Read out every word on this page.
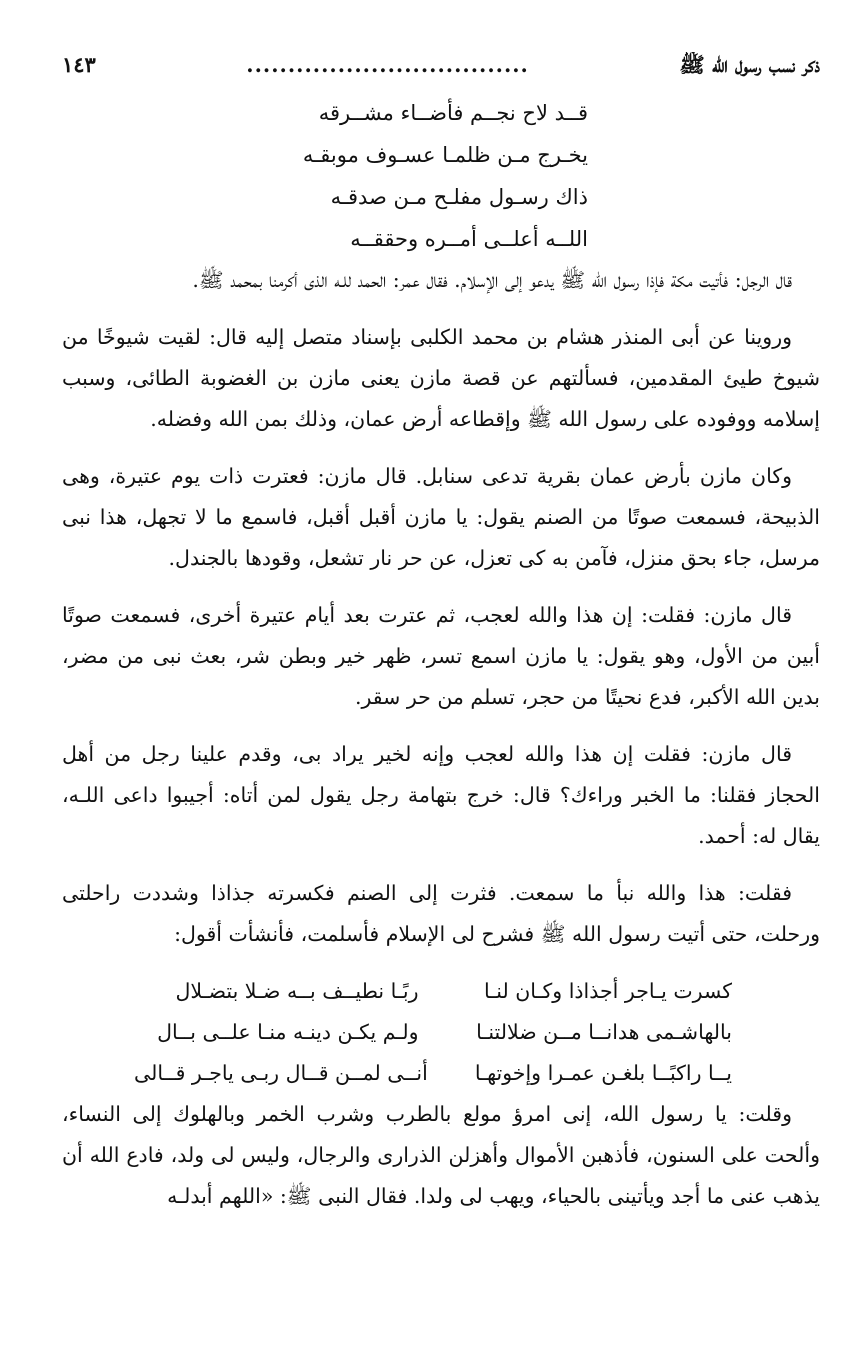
ذكر نسب رسول الله ﷺ
..................................
١٤٣
قــد لاح نجــم فأضــاء مشــرقه
يخـرج مـن ظلمـا عسـوف موبقـه
ذاك رسـول مفلـح مـن صدقـه
اللــه أعلــى أمــره وحققــه

قال الرجل: فأتيت مكة فإذا رسول الله ﷺ يدعو إلى الإسلام. فقال عمر: الحمد للـه الذى أكرمنا بمحمد ﷺ.

وروينا عن أبى المنذر هشام بن محمد الكلبى بإسناد متصل إليه قال: لقيت شيوخًا من شيوخ طيئ المقدمين، فسألتهم عن قصة مازن يعنى مازن بن الغضوبة الطائى، وسبب إسلامه ووفوده على رسول الله ﷺ وإقطاعه أرض عمان، وذلك بمن الله وفضله.

وكان مازن بأرض عمان بقرية تدعى سنابل. قال مازن: فعترت ذات يوم عتيرة، وهى الذبيحة، فسمعت صوتًا من الصنم يقول: يا مازن أقبل أقبل، فاسمع ما لا تجهل، هذا نبى مرسل، جاء بحق منزل، فآمن به كى تعزل، عن حر نار تشعل، وقودها بالجندل.

قال مازن: فقلت: إن هذا والله لعجب، ثم عترت بعد أيام عتيرة أخرى، فسمعت صوتًا أبين من الأول، وهو يقول: يا مازن اسمع تسر، ظهر خير وبطن شر، بعث نبى من مضر، بدين الله الأكبر، فدع نحيتًا من حجر، تسلم من حر سقر.

قال مازن: فقلت إن هذا والله لعجب وإنه لخير يراد بى، وقدم علينا رجل من أهل الحجاز فقلنا: ما الخبر وراءك؟ قال: خرج بتهامة رجل يقول لمن أتاه: أجيبوا داعى اللـه، يقال له: أحمد.

فقلت: هذا والله نبأ ما سمعت. فثرت إلى الصنم فكسرته جذاذا وشددت راحلتى ورحلت، حتى أتيت رسول الله ﷺ فشرح لى الإسلام فأسلمت، فأنشأت أقول:

كسرت يـاجر أجذاذا وكـان لنـا
ربًـا نطيــف بــه ضـلا بتضـلال
بالهاشـمى هدانــا مــن ضلالتنـا
ولـم يكـن دينـه منـا علــى بــال
يــا راكبًــا بلغـن عمـرا وإخوتهـا
أنــى لمــن قــال ربـى ياجـر قــالى

وقلت: يا رسول الله، إنى امرؤ مولع بالطرب وشرب الخمر وبالهلوك إلى النساء، وألحت على السنون، فأذهبن الأموال وأهزلن الذرارى والرجال، وليس لى ولد، فادع الله أن يذهب عنى ما أجد ويأتينى بالحياء، ويهب لى ولدا. فقال النبى ﷺ: «اللهم أبدلـه
